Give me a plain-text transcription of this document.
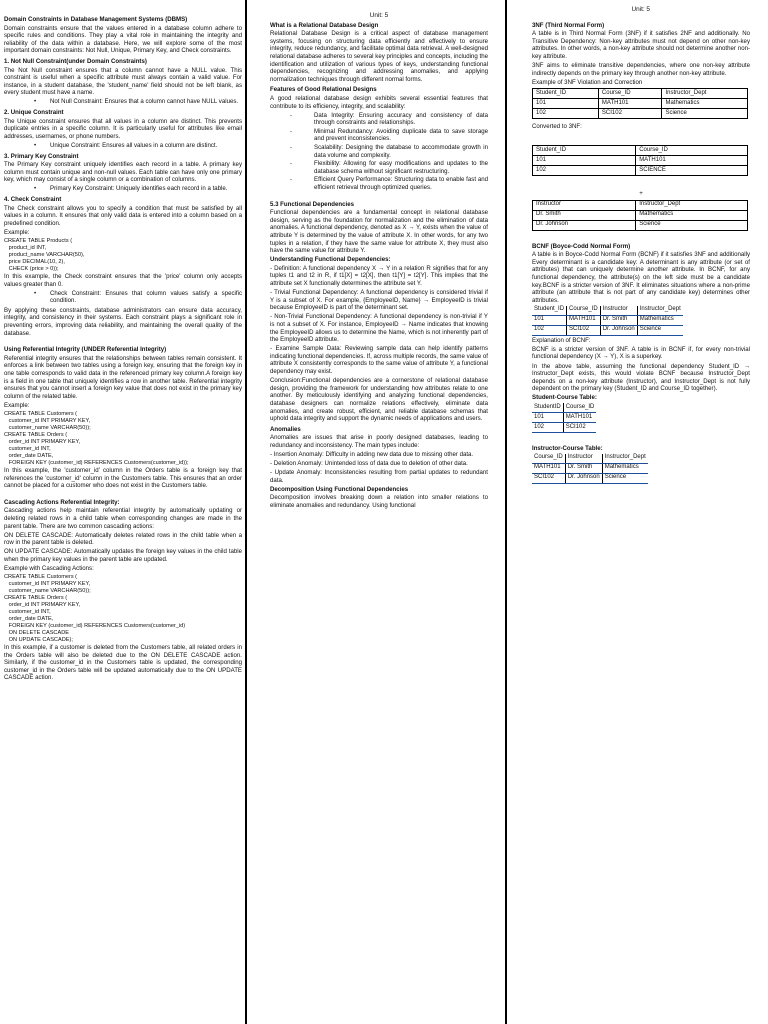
Domain Constraints in Database Management Systems (DBMS)

Domain constraints ensure that the values entered in a database column adhere to specific rules and conditions. They play a vital role in maintaining the integrity and reliability of the data within a database. Here, we will explore some of the most important domain constraints: Not Null, Unique, Primary Key, and Check constraints.

1. Not Null Constraint(under Domain Constraints)

The Not Null constraint ensures that a column cannot have a NULL value. This constraint is useful when a specific attribute must always contain a valid value. For instance, in a student database, the 'student_name' field should not be left blank, as every student must have a name.

• Not Null Constraint: Ensures that a column cannot have NULL values.
2. Unique Constraint

The Unique constraint ensures that all values in a column are distinct. This prevents duplicate entries in a specific column. It is particularly useful for attributes like email addresses, usernames, or phone numbers.

• Unique Constraint: Ensures all values in a column are distinct.
3. Primary Key Constraint

The Primary Key constraint uniquely identifies each record in a table. A primary key column must contain unique and non-null values. Each table can have only one primary key, which may consist of a single column or a combination of columns.

• Primary Key Constraint: Uniquely identifies each record in a table.
4. Check Constraint

The Check constraint allows you to specify a condition that must be satisfied by all values in a column. It ensures that only valid data is entered into a column based on a predefined condition.

Example:

CREATE TABLE Products (
product_id INT,
product_name VARCHAR(50),
price DECIMAL(10, 2),
CHECK (price > 0));

In this example, the Check constraint ensures that the 'price' column only accepts values greater than 0.

• Check Constraint: Ensures that column values satisfy a specific condition.

By applying these constraints, database administrators can ensure data accuracy, integrity, and consistency in their systems. Each constraint plays a significant role in preventing errors, improving data reliability, and maintaining the overall quality of the database.

Using Referential Integrity (UNDER Referential Integrity)

Referential integrity ensures that the relationships between tables remain consistent. It enforces a link between two tables using a foreign key, ensuring that the foreign key in one table corresponds to valid data in the referenced primary key column.A foreign key is a field in one table that uniquely identifies a row in another table. Referential integrity ensures that you cannot insert a foreign key value that does not exist in the primary key column of the related table.

Example:

CREATE TABLE Customers (
customer_id INT PRIMARY KEY,
customer_name VARCHAR(50));
CREATE TABLE Orders (
order_id INT PRIMARY KEY,
customer_id INT,
order_date DATE,
FOREIGN KEY (customer_id) REFERENCES Customers(customer_id));

In this example, the 'customer_id' column in the Orders table is a foreign key that references the 'customer_id' column in the Customers table. This ensures that an order cannot be placed for a customer who does not exist in the Customers table.

Cascading Actions Referential Integrity:

Cascading actions help maintain referential integrity by automatically updating or deleting related rows in a child table when corresponding changes are made in the parent table. There are two common cascading actions:

ON DELETE CASCADE: Automatically deletes related rows in the child table when a row in the parent table is deleted.

ON UPDATE CASCADE: Automatically updates the foreign key values in the child table when the primary key values in the parent table are updated.

Example with Cascading Actions:

CREATE TABLE Customers (
customer_id INT PRIMARY KEY,
customer_name VARCHAR(50));
CREATE TABLE Orders (
order_id INT PRIMARY KEY,
customer_id INT,
order_date DATE,
FOREIGN KEY (customer_id) REFERENCES Customers(customer_id)
ON DELETE CASCADE
ON UPDATE CASCADE);

In this example, if a customer is deleted from the Customers table, all related orders in the Orders table will also be deleted due to the ON DELETE CASCADE action. Similarly, if the customer_id in the Customers table is updated, the corresponding customer_id in the Orders table will be updated automatically due to the ON UPDATE CASCADE action.

Unit: 5
What is a Relational Database Design

Relational Database Design is a critical aspect of database management systems, focusing on structuring data efficiently and effectively to ensure integrity, reduce redundancy, and facilitate optimal data retrieval. A well-designed relational database adheres to several key principles and concepts, including the identification and utilization of various types of keys, understanding functional dependencies, recognizing and addressing anomalies, and applying normalization techniques through different normal forms.

Features of Good Relational Designs

A good relational database design exhibits several essential features that contribute to its efficiency, integrity, and scalability:

- Data Integrity: Ensuring accuracy and consistency of data through constraints and relationships.
- Minimal Redundancy: Avoiding duplicate data to save storage and prevent inconsistencies.
- Scalability: Designing the database to accommodate growth in data volume and complexity.
- Flexibility: Allowing for easy modifications and updates to the database schema without significant restructuring.
- Efficient Query Performance: Structuring data to enable fast and efficient retrieval through optimized queries.
5.3 Functional Dependencies

Functional dependencies are a fundamental concept in relational database design, serving as the foundation for normalization and the elimination of data anomalies. A functional dependency, denoted as X → Y, exists when the value of attribute Y is determined by the value of attribute X. In other words, for any two tuples in a relation, if they have the same value for attribute X, they must also have the same value for attribute Y.

Understanding Functional Dependencies:

- Definition: A functional dependency X → Y in a relation R signifies that for any tuples t1 and t2 in R, if t1[X] = t2[X], then t1[Y] = t2[Y]. This implies that the attribute set X functionally determines the attribute set Y.

- Trivial Functional Dependency: A functional dependency is considered trivial if Y is a subset of X. For example, {EmployeeID, Name} → EmployeeID is trivial because EmployeeID is part of the determinant set.

- Non-Trivial Functional Dependency: A functional dependency is non-trivial if Y is not a subset of X. For instance, EmployeeID → Name indicates that knowing the EmployeeID allows us to determine the Name, which is not inherently part of the EmployeeID attribute.

- Examine Sample Data: Reviewing sample data can help identify patterns indicating functional dependencies. If, across multiple records, the same value of attribute X consistently corresponds to the same value of attribute Y, a functional dependency may exist.

Conclusion:Functional dependencies are a cornerstone of relational database design, providing the framework for understanding how attributes relate to one another. By meticulously identifying and analyzing functional dependencies, database designers can normalize relations effectively, eliminate data anomalies, and create robust, efficient, and reliable database schemas that uphold data integrity and support the dynamic needs of applications and users.

Anomalies

Anomalies are issues that arise in poorly designed databases, leading to redundancy and inconsistency. The main types include:

- Insertion Anomaly: Difficulty in adding new data due to missing other data.

- Deletion Anomaly: Unintended loss of data due to deletion of other data.

- Update Anomaly: Inconsistencies resulting from partial updates to redundant data.

Decomposition Using Functional Dependencies

Decomposition involves breaking down a relation into smaller relations to eliminate anomalies and redundancy. Using functional

Unit: 5
3NF (Third Normal Form)

A table is in Third Normal Form (3NF) if it satisfies 2NF and additionally. No Transitive Dependency: Non-key attributes must not depend on other non-key attributes. In other words, a non-key attribute should not determine another non-key attribute.

3NF aims to eliminate transitive dependencies, where one non-key attribute indirectly depends on the primary key through another non-key attribute.

Example of 3NF Violation and Correction

Student_ID	Course_ID	Instructor_Dept
101	MATH101	Mathematics
102	SCI102	Science

Converted to 3NF:

Student_ID	Course_ID
101	MATH101
102	SCIENCE
+
Instructor	Instructor_Dept
Dr. Smith	Mathematics
Dr. Johnson	Science
BCNF (Boyce-Codd Normal Form)

A table is in Boyce-Codd Normal Form (BCNF) if it satisfies 3NF and additionally Every determinant is a candidate key: A determinant is any attribute (or set of attributes) that can uniquely determine another attribute. In BCNF, for any functional dependency, the attribute(s) on the left side must be a candidate key.BCNF is a stricter version of 3NF. It eliminates situations where a non-prime attribute (an attribute that is not part of any candidate key) determines other attributes.

Student_ID	Course_ID	Instructor	Instructor_Dept
101	MATH101	Dr. Smith	Mathematics
102	SCI102	Dr. Johnson	Science

Explanation of BCNF:

BCNF is a stricter version of 3NF. A table is in BCNF if, for every non-trivial functional dependency (X → Y), X is a superkey.

In the above table, assuming the functional dependency Student_ID → Instructor_Dept exists, this would violate BCNF because Instructor_Dept depends on a non-key attribute (Instructor), and Instructor_Dept is not fully dependent on the primary key (Student_ID and Course_ID together).

Student-Course Table:
StudentID	Course_ID
101	MATH101
102	SCI102
Instructor-Course Table:
Course_ID	Instructor	Instructor_Dept
MATH101	Dr. Smith	Mathematics
SCI102	Dr. Johnson	Science
